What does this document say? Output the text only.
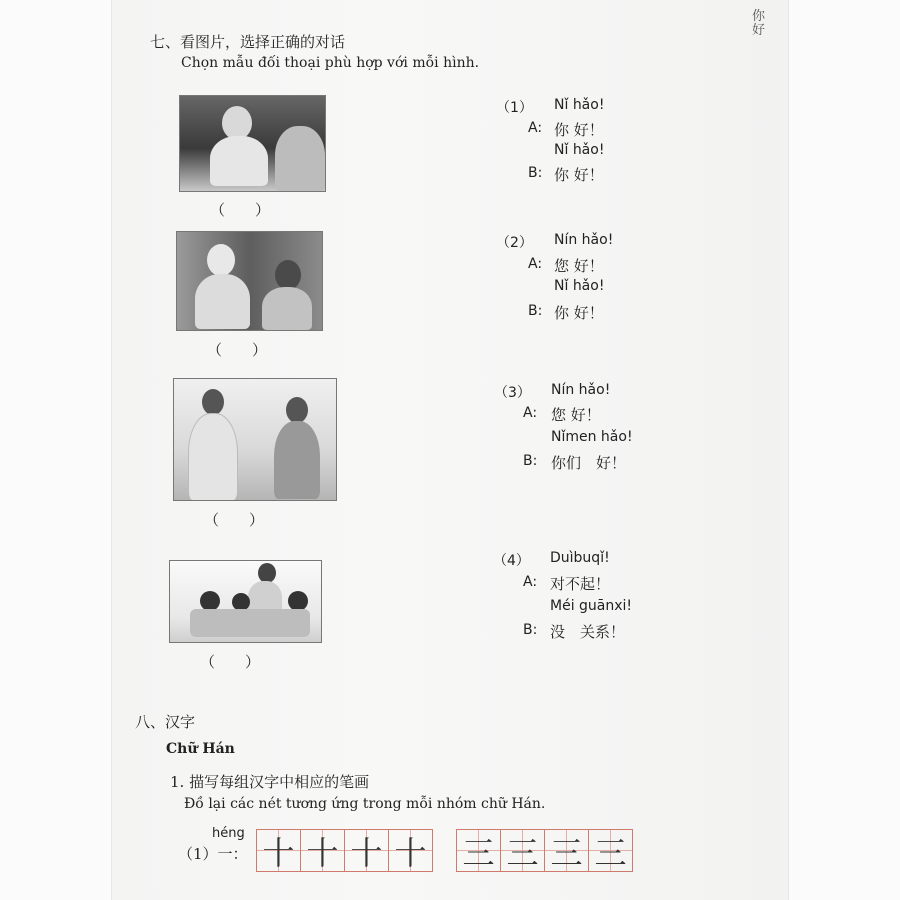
你好
七、看图片，选择正确的对话
Chọn mẫu đối thoại phù hợp với mỗi hình.
（　　）
（　　）
（　　）
（　　）
（1） Nǐ hǎo!
A: 你 好！
Nǐ hǎo!
B: 你 好！
（2） Nín hǎo!
A: 您 好！
Nǐ hǎo!
B: 你 好！
（3） Nín hǎo!
A: 您 好！
Nǐmen hǎo!
B: 你们　好！
（4） Duìbuqǐ!
A: 对不起！
Méi guānxi!
B: 没　关系！
八、汉字
Chữ Hán
1. 描写每组汉字中相应的笔画
Đồ lại các nét tương ứng trong mỗi nhóm chữ Hán.
héng
（1）一： 十 十 十 十 三 三 三 三
